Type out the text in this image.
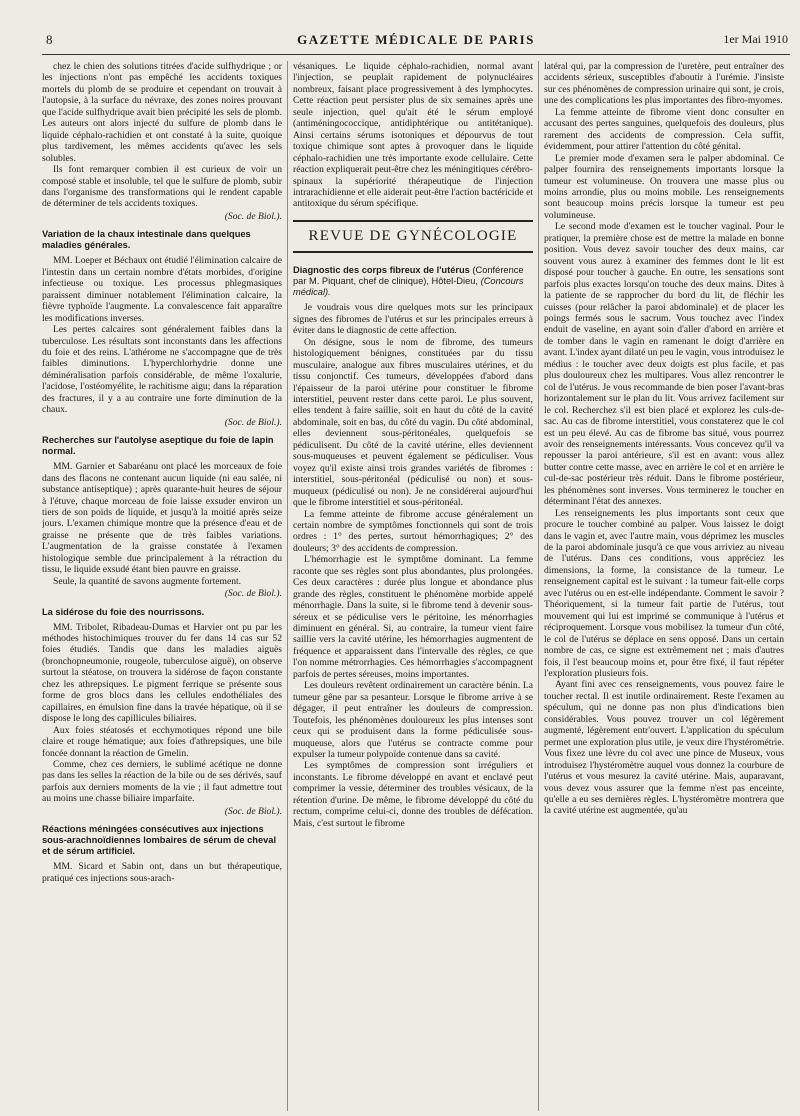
8	GAZETTE MÉDICALE DE PARIS	1er Mai 1910

chez le chien des solutions titrées d'acide sulfhydrique ; or les injections n'ont pas empêché les accidents toxiques mortels du plomb de se produire et cependant on trouvait à l'autopsie, à la surface du névraxe, des zones noires prouvant que l'acide sulfhydrique avait bien précipité les sels de plomb. Les auteurs ont alors injecté du sulfure de plomb dans le liquide céphalo-rachidien et ont constaté à la suite, quoique plus tardivement, les mêmes accidents qu'avec les sels solubles.

Ils font remarquer combien il est curieux de voir un composé stable et insoluble, tel que le sulfure de plomb, subir dans l'organisme des transformations qui le rendent capable de déterminer de tels accidents toxiques.

(Soc. de Biol.).

Variation de la chaux intestinale dans quelques maladies générales.

MM. Loeper et Béchaux ont étudié l'élimination calcaire de l'intestin dans un certain nombre d'états morbides, d'origine infectieuse ou toxique. Les processus phlegmasiques paraissent diminuer notablement l'élimination calcaire, la fièvre typhoïde l'augmente. La convalescence fait apparaître les modifications inverses.

Les pertes calcaires sont généralement faibles dans la tuberculose. Les résultats sont inconstants dans les affections du foie et des reins. L'athérome ne s'accompagne que de très faibles diminutions. L'hyperchlorhydrie donne une déminéralisation parfois considérable, de même l'oxalurie, l'acidose, l'ostéomyélite, le rachitisme aigu; dans la réparation des fractures, il y a au contraire une forte diminution de la chaux.

(Soc. de Biol.).

Recherches sur l'autolyse aseptique du foie de lapin normal.

MM. Garnier et Sabaréanu ont placé les morceaux de foie dans des flacons ne contenant aucun liquide (ni eau salée, ni substance antiseptique) ; après quarante-huit heures de séjour à l'étuve, chaque morceau de foie laisse exsuder environ un tiers de son poids de liquide, et jusqu'à la moitié après seize jours. L'examen chimique montre que la présence d'eau et de graisse ne présente que de très faibles variations. L'augmentation de la graisse constatée à l'examen histologique semble due principalement à la rétraction du tissu, le liquide exsudé étant bien pauvre en graisse.

Seule, la quantité de savons augmente fortement.

(Soc. de Biol.).

La sidérose du foie des nourrissons.

MM. Tribolet, Ribadeau-Dumas et Harvier ont pu par les méthodes histochimiques trouver du fer dans 14 cas sur 52 foies étudiés. Tandis que dans les maladies aiguës (bronchopneumonie, rougeole, tuberculose aiguë), on observe surtout la stéatose, on trouvera la sidérose de façon constante chez les athrepsiques. Le pigment ferrique se présente sous forme de gros blocs dans les cellules endothéliales des capillaires, en émulsion fine dans la travée hépatique, où il se dispose le long des capillicules biliaires.

Aux foies stéatosés et ecchymotiques répond une bile claire et rouge hématique; aux foies d'athrepsiques, une bile foncée donnant la réaction de Gmelin.

Comme, chez ces derniers, le sublimé acétique ne donne pas dans les selles la réaction de la bile ou de ses dérivés, sauf parfois aux derniers moments de la vie ; il faut admettre tout au moins une chasse biliaire imparfaite.

(Soc. de Biol.).

Réactions méningées consécutives aux injections sous-arachnoïdiennes lombaires de sérum de cheval et de sérum artificiel.

MM. Sicard et Sabin ont, dans un but thérapeutique, pratiqué ces injections sous-arach-

vésaniques. Le liquide céphalo-rachidien, normal avant l'injection, se peuplait rapidement de polynucléaires nombreux, faisant place progressivement à des lymphocytes. Cette réaction peut persister plus de six semaines après une seule injection, quel qu'ait été le sérum employé (antiméningococcique, antidiphtérique ou antitétanique). Ainsi certains sérums isotoniques et dépourvus de tout toxique chimique sont aptes à provoquer dans le liquide céphalo-rachidien une très importante exode cellulaire. Cette réaction expliquerait peut-être chez les méningitiques cérébro-spinaux la supériorité thérapeutique de l'injection intrarachidienne et elle aiderait peut-être l'action bactéricide et antitoxique du sérum spécifique.

REVUE DE GYNÉCOLOGIE
Diagnostic des corps fibreux de l'utérus (Conférence par M. Piquant, chef de clinique), Hôtel-Dieu, (Concours médical).

Je voudrais vous dire quelques mots sur les principaux signes des fibromes de l'utérus et sur les principales erreurs à éviter dans le diagnostic de cette affection.

On désigne, sous le nom de fibrome, des tumeurs histologiquement bénignes, constituées par du tissu musculaire, analogue aux fibres musculaires utérines, et du tissu conjonctif. Ces tumeurs, développées d'abord dans l'épaisseur de la paroi utérine pour constituer le fibrome interstitiel, peuvent rester dans cette paroi. Le plus souvent, elles tendent à faire saillie, soit en haut du côté de la cavité abdominale, soit en bas, du côté du vagin. Du côté abdominal, elles deviennent sous-péritonéales, quelquefois se pédiculisent. Du côté de la cavité utérine, elles deviennent sous-muqueuses et peuvent également se pédiculiser. Vous voyez qu'il existe ainsi trois grandes variétés de fibromes : interstitiel, sous-péritonéal (pédiculisé ou non) et sous-muqueux (pédiculisé ou non). Je ne considérerai aujourd'hui que le fibrome interstitiel et sous-péritonéal.

La femme atteinte de fibrome accuse généralement un certain nombre de symptômes fonctionnels qui sont de trois ordres : 1° des pertes, surtout hémorrhagiques; 2° des douleurs; 3° des accidents de compression.

L'hémorrhagie est le symptôme dominant. La femme raconte que ses règles sont plus abondantes, plus prolongées. Ces deux caractères : durée plus longue et abondance plus grande des règles, constituent le phénomène morbide appelé ménorrhagie. Dans la suite, si le fibrome tend à devenir sous-séreux et se pédiculise vers le péritoine, les ménorrhagies diminuent en général. Si, au contraire, la tumeur vient faire saillie vers la cavité utérine, les hémorrhagies augmentent de fréquence et apparaissent dans l'intervalle des règles, ce que l'on nomme métrorrhagies. Ces hémorrhagies s'accompagnent parfois de pertes séreuses, moins importantes.

Les douleurs revêtent ordinairement un caractère bénin. La tumeur gêne par sa pesanteur. Lorsque le fibrome arrive à se dégager, il peut entraîner les douleurs de compression. Toutefois, les phénomènes douloureux les plus intenses sont ceux qui se produisent dans la forme pédiculisée sous-muqueuse, alors que l'utérus se contracte comme pour expulser la tumeur polypoïde contenue dans sa cavité.

Les symptômes de compression sont irréguliers et inconstants. Le fibrome développé en avant et enclavé peut comprimer la vessie, déterminer des troubles vésicaux, de la rétention d'urine. De même, le fibrome développé du côté du rectum, comprime celui-ci, donne des troubles de défécation. Mais, c'est surtout le fibrome

latéral qui, par la compression de l'uretère, peut entraîner des accidents sérieux, susceptibles d'aboutir à l'urémie. J'insiste sur ces phénomènes de compression urinaire qui sont, je crois, une des complications les plus importantes des fibro-myomes.

La femme atteinte de fibrome vient donc consulter en accusant des pertes sanguines, quelquefois des douleurs, plus rarement des accidents de compression. Cela suffit, évidemment, pour attirer l'attention du côté génital.

Le premier mode d'examen sera le palper abdominal. Ce palper fournira des renseignements importants lorsque la tumeur est volumineuse. On trouvera une masse plus ou moins arrondie, plus ou moins mobile. Les renseignements sont beaucoup moins précis lorsque la tumeur est peu volumineuse.

Le second mode d'examen est le toucher vaginal. Pour le pratiquer, la première chose est de mettre la malade en bonne position. Vous devez savoir toucher des deux mains, car souvent vous aurez à examiner des femmes dont le lit est disposé pour toucher à gauche. En outre, les sensations sont parfois plus exactes lorsqu'on touche des deux mains. Dites à la patiente de se rapprocher du bord du lit, de fléchir les cuisses (pour relâcher la paroi abdominale) et de placer les poings fermés sous le sacrum. Vous touchez avec l'index enduit de vaseline, en ayant soin d'aller d'abord en arrière et de tomber dans le vagin en ramenant le doigt d'arrière en avant. L'index ayant dilaté un peu le vagin, vous introduisez le médius : le toucher avec deux doigts est plus facile, et pas plus douloureux chez les multipares. Vous allez rencontrer le col de l'utérus. Je vous recommande de bien poser l'avant-bras horizontalement sur le plan du lit. Vous arrivez facilement sur le col. Recherchez s'il est bien placé et explorez les culs-de-sac. Au cas de fibrome interstitiel, vous constaterez que le col est un peu élevé. Au cas de fibrome bas situé, vous pourrez avoir des renseignements intéressants. Vous concevez qu'il va repousser la paroi antérieure, s'il est en avant: vous allez butter contre cette masse, avec en arrière le col et en arrière le cul-de-sac postérieur très réduit. Dans le fibrome postérieur, les phénomènes sont inverses. Vous terminerez le toucher en déterminant l'état des annexes.

Les renseignements les plus importants sont ceux que procure le toucher combiné au palper. Vous laissez le doigt dans le vagin et, avec l'autre main, vous déprimez les muscles de la paroi abdominale jusqu'à ce que vous arriviez au niveau de l'utérus. Dans ces conditions, vous appréciez les dimensions, la forme, la consistance de la tumeur. Le renseignement capital est le suivant : la tumeur fait-elle corps avec l'utérus ou en est-elle indépendante. Comment le savoir ? Théoriquement, si la tumeur fait partie de l'utérus, tout mouvement qui lui est imprimé se communique à l'utérus et réciproquement. Lorsque vous mobilisez la tumeur d'un côté, le col de l'utérus se déplace en sens opposé. Dans un certain nombre de cas, ce signe est extrêmement net ; mais d'autres fois, il l'est beaucoup moins et, pour être fixé, il faut répéter l'exploration plusieurs fois.

Ayant fini avec ces renseignements, vous pouvez faire le toucher rectal. Il est inutile ordinairement. Reste l'examen au spéculum, qui ne donne pas non plus d'indications bien considérables. Vous pouvez trouver un col légèrement augmenté, légèrement entr'ouvert. L'application du spéculum permet une exploration plus utile, je veux dire l'hystérométrie. Vous fixez une lèvre du col avec une pince de Museux, vous introduisez l'hystéromètre auquel vous donnez la courbure de l'utérus et vous mesurez la cavité utérine. Mais, auparavant, vous devez vous assurer que la femme n'est pas enceinte, qu'elle a eu ses dernières règles. L'hystéromètre montrera que la cavité utérine est augmentée, qu'au
